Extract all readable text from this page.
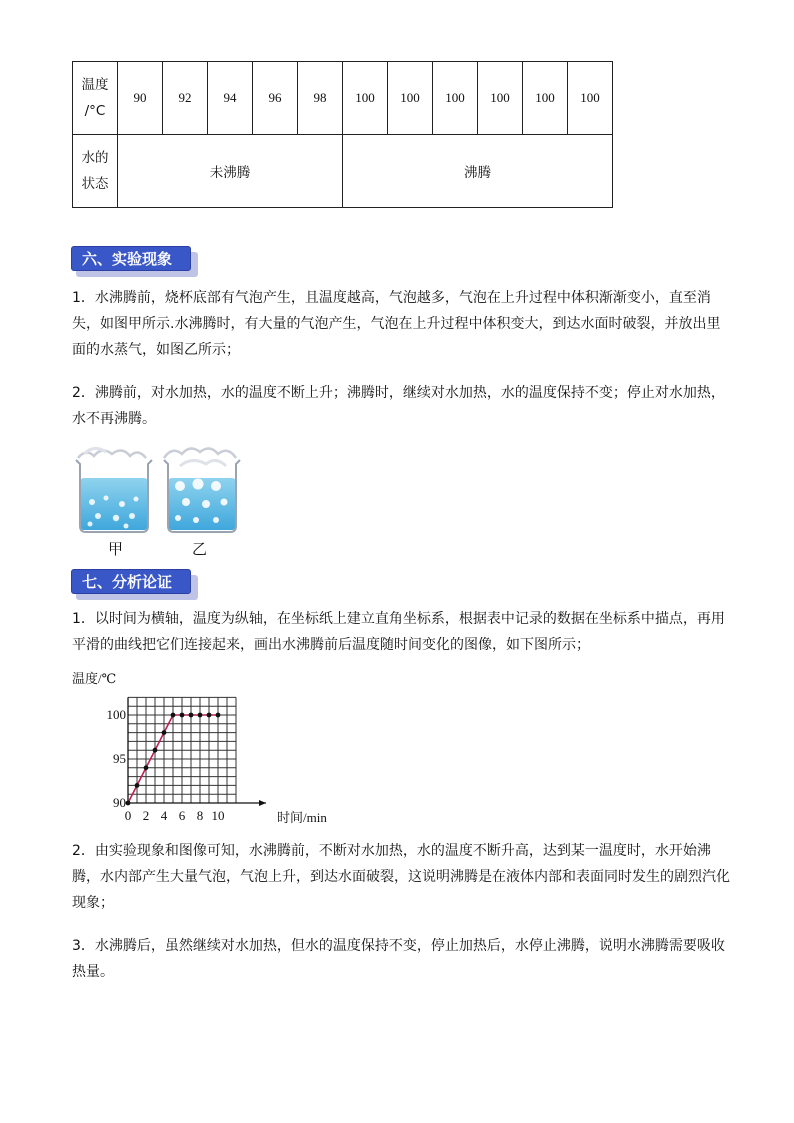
温度
/°C	90	92	94	96	98	100	100	100	100	100	100
水的
状态	未沸腾					沸腾					
六、实验现象

1．水沸腾前，烧杯底部有气泡产生，且温度越高，气泡越多，气泡在上升过程中体积渐渐变小，直至消失，如图甲所示.水沸腾时，有大量的气泡产生，气泡在上升过程中体积变大，到达水面时破裂，并放出里面的水蒸气，如图乙所示；

2．沸腾前，对水加热，水的温度不断上升；沸腾时，继续对水加热，水的温度保持不变；停止对水加热，水不再沸腾。

甲	乙
七、分析论证

1．以时间为横轴，温度为纵轴，在坐标纸上建立直角坐标系，根据表中记录的数据在坐标系中描点，再用平滑的曲线把它们连接起来，画出水沸腾前后温度随时间变化的图像，如下图所示；

0 2 4 6 8 10
90
95
100
温度/℃
时间/min

2．由实验现象和图像可知，水沸腾前，不断对水加热，水的温度不断升高，达到某一温度时，水开始沸腾，水内部产生大量气泡，气泡上升，到达水面破裂，这说明沸腾是在液体内部和表面同时发生的剧烈汽化现象；

3．水沸腾后，虽然继续对水加热，但水的温度保持不变，停止加热后，水停止沸腾，说明水沸腾需要吸收热量。
